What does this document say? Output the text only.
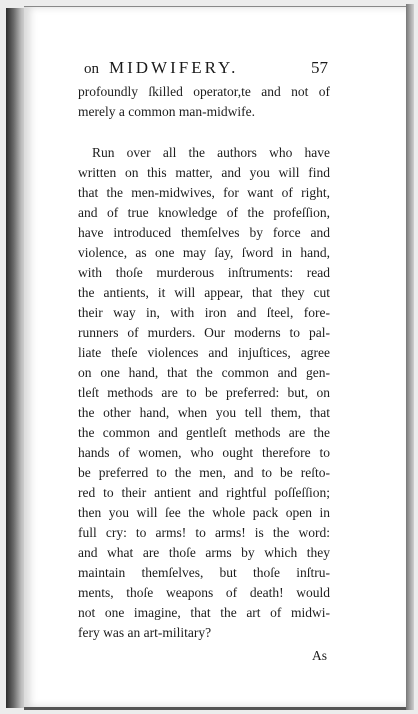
on MIDWIFERY.	57
profoundly ſkilled operator,te and not of
merely a common man-midwife.
Run over all the authors who have
written on this matter, and you will find
that the men-midwives, for want of right,
and of true knowledge of the profeſſion,
have introduced themſelves by force and
violence, as one may ſay, ſword in hand,
with thoſe murderous inſtruments: read
the antients, it will appear, that they cut
their way in, with iron and ſteel, fore-
runners of murders. Our moderns to pal-
liate theſe violences and injuſtices, agree
on one hand, that the common and gen-
tleſt methods are to be preferred: but, on
the other hand, when you tell them, that
the common and gentleſt methods are the
hands of women, who ought therefore to
be preferred to the men, and to be reſto-
red to their antient and rightful poſſeſſion;
then you will ſee the whole pack open in
full cry: to arms! to arms! is the word:
and what are thoſe arms by which they
maintain themſelves, but thoſe inſtru-
ments, thoſe weapons of death! would
not one imagine, that the art of midwi-
fery was an art-military?
As
